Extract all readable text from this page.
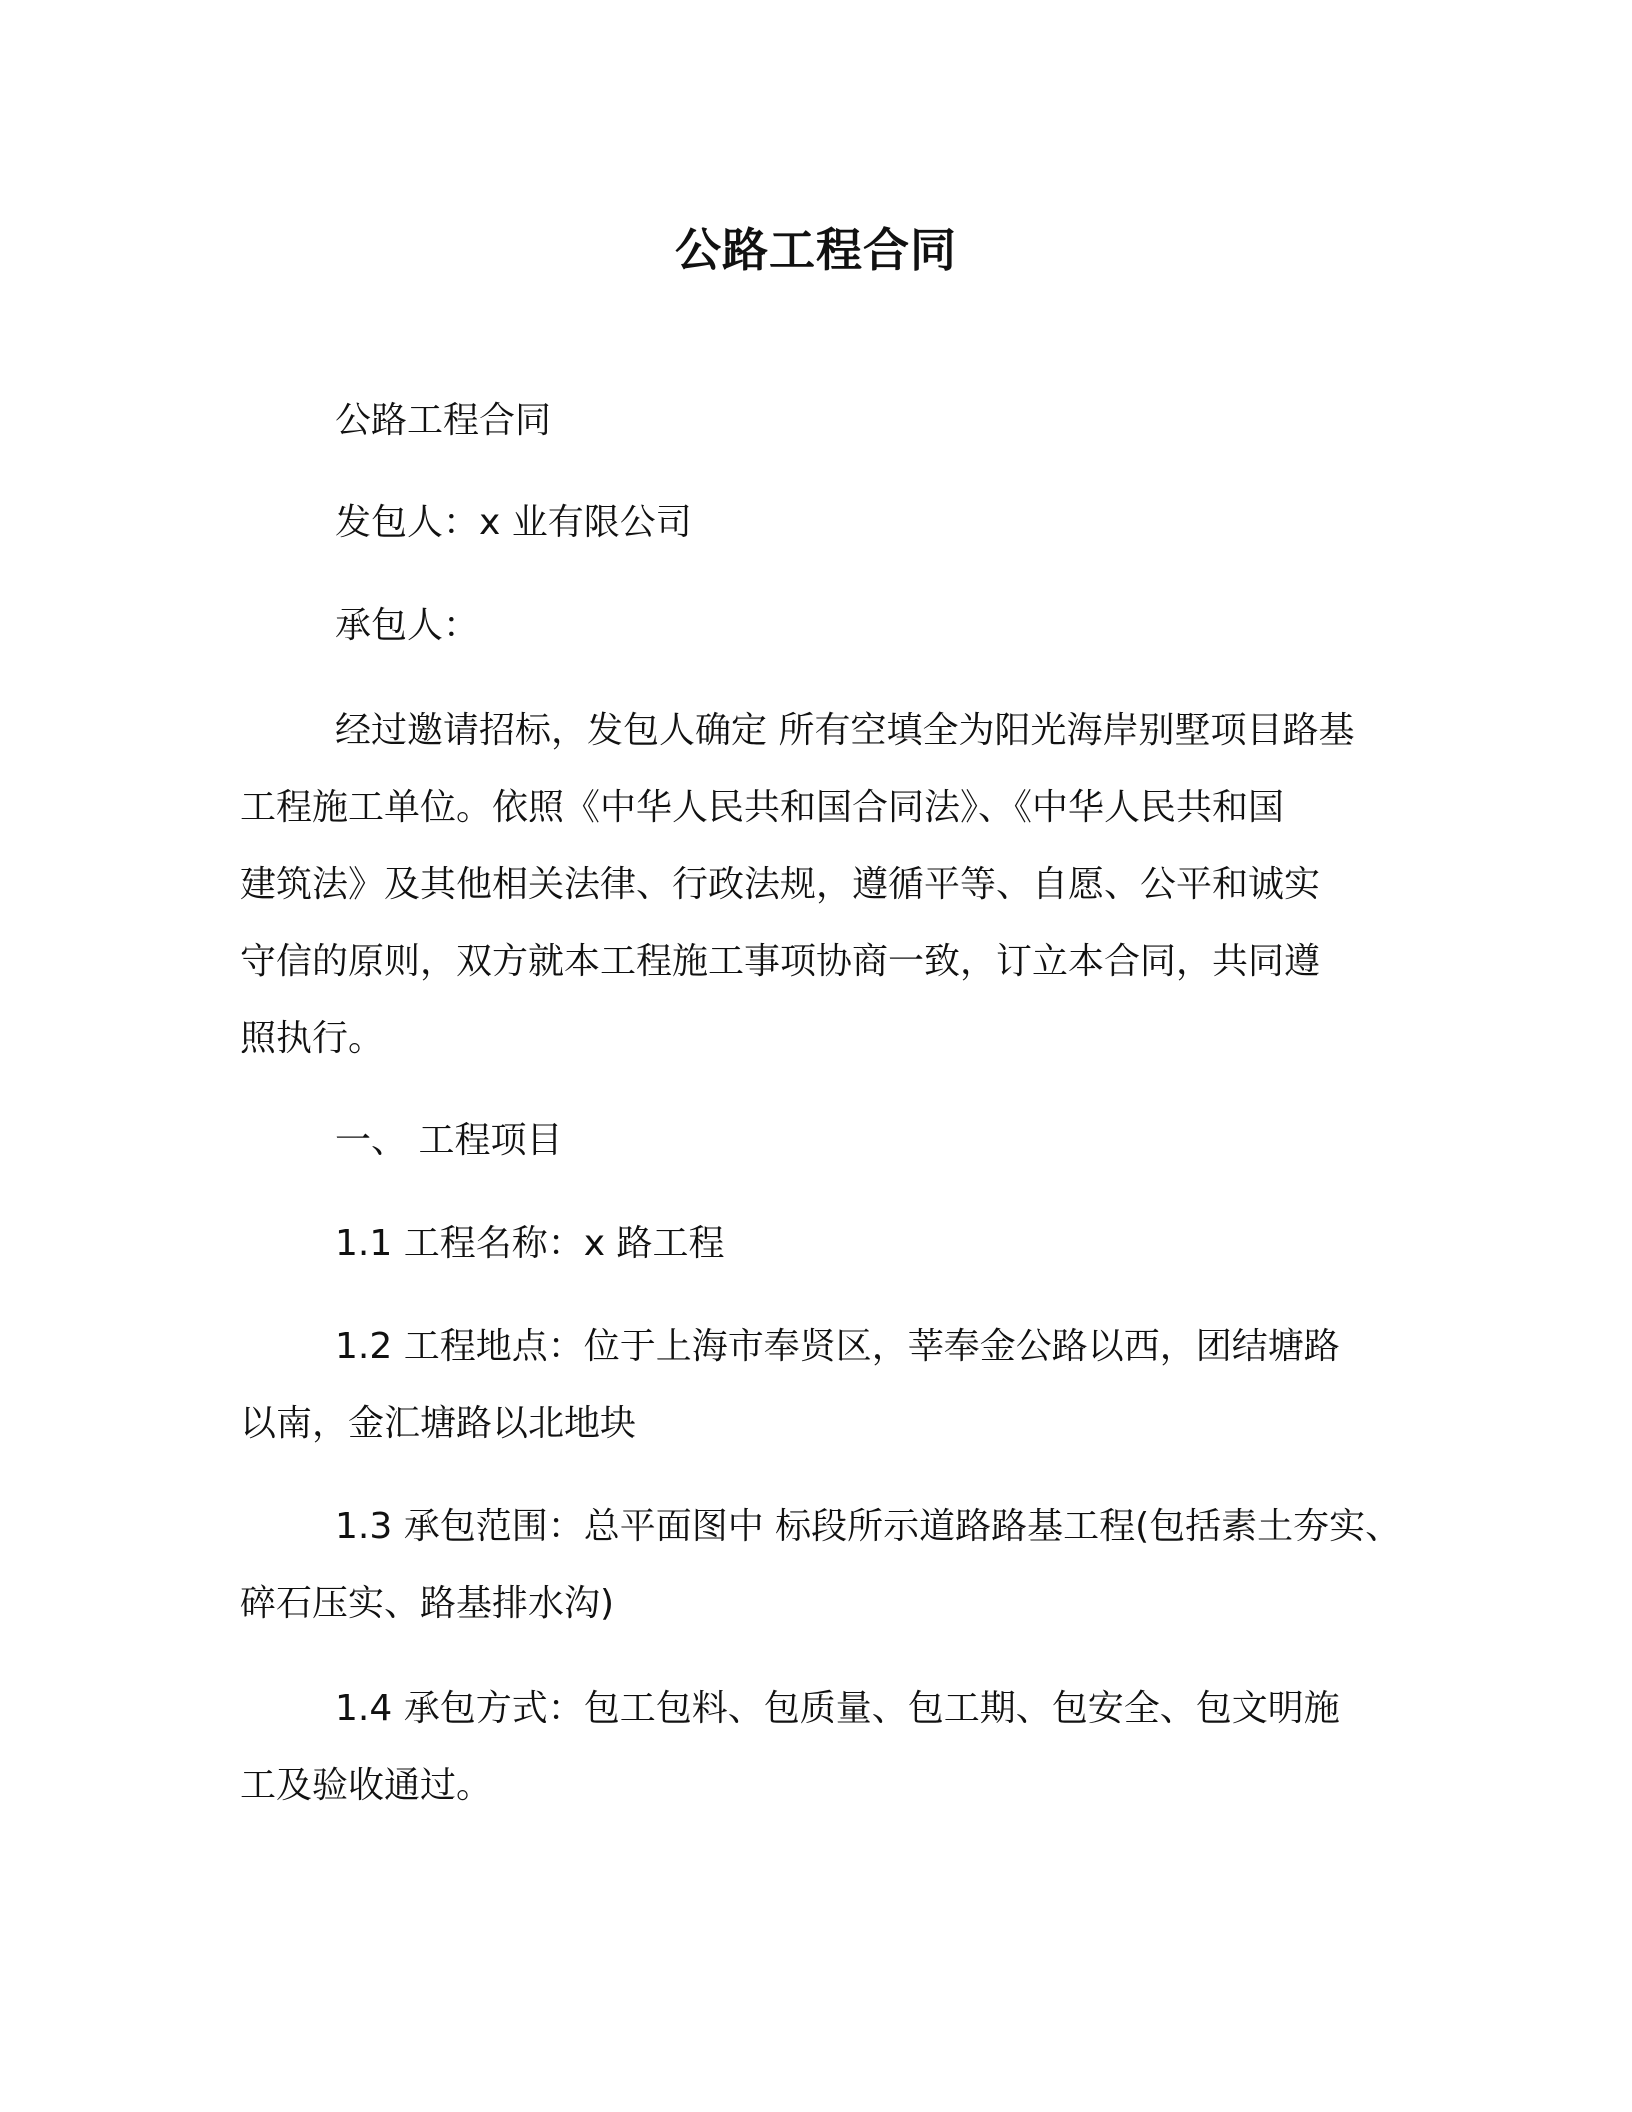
公路工程合同
公路工程合同
发包人：x 业有限公司
承包人：
经过邀请招标，发包人确定 所有空填全为阳光海岸别墅项目路基
工程施工单位。依照《中华人民共和国合同法》、《中华人民共和国
建筑法》及其他相关法律、行政法规，遵循平等、自愿、公平和诚实
守信的原则，双方就本工程施工事项协商一致，订立本合同，共同遵
照执行。
一、 工程项目
1.1 工程名称：x 路工程
1.2 工程地点：位于上海市奉贤区，莘奉金公路以西，团结塘路
以南，金汇塘路以北地块
1.3 承包范围：总平面图中 标段所示道路路基工程(包括素土夯实、
碎石压实、路基排水沟)
1.4 承包方式：包工包料、包质量、包工期、包安全、包文明施
工及验收通过。
